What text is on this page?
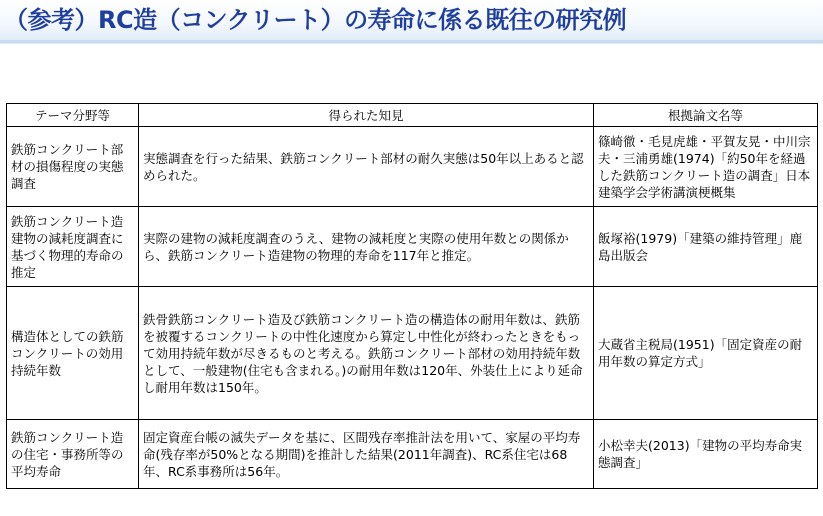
（参考）RC造（コンクリート）の寿命に係る既往の研究例
テーマ分野等	得られた知見	根拠論文名等
鉄筋コンクリート部材の損傷程度の実態調査	実態調査を行った結果、鉄筋コンクリート部材の耐久実態は50年以上あると認められた。	篠崎徹・毛見虎雄・平賀友晃・中川宗夫・三浦勇雄(1974)「約50年を経過した鉄筋コンクリート造の調査」日本建築学会学術講演梗概集
鉄筋コンクリート造建物の減耗度調査に基づく物理的寿命の推定	実際の建物の減耗度調査のうえ、建物の減耗度と実際の使用年数との関係から、鉄筋コンクリート造建物の物理的寿命を117年と推定。	飯塚裕(1979)「建築の維持管理」鹿島出版会
構造体としての鉄筋コンクリートの効用持続年数	鉄骨鉄筋コンクリート造及び鉄筋コンクリート造の構造体の耐用年数は、鉄筋を被覆するコンクリートの中性化速度から算定し中性化が終わったときをもって効用持続年数が尽きるものと考える。鉄筋コンクリート部材の効用持続年数として、一般建物(住宅も含まれる。)の耐用年数は120年、外装仕上により延命し耐用年数は150年。	大蔵省主税局(1951)「固定資産の耐用年数の算定方式」
鉄筋コンクリート造の住宅・事務所等の平均寿命	固定資産台帳の滅失データを基に、区間残存率推計法を用いて、家屋の平均寿命(残存率が50%となる期間)を推計した結果(2011年調査)、RC系住宅は68年、RC系事務所は56年。	小松幸夫(2013)「建物の平均寿命実態調査」
